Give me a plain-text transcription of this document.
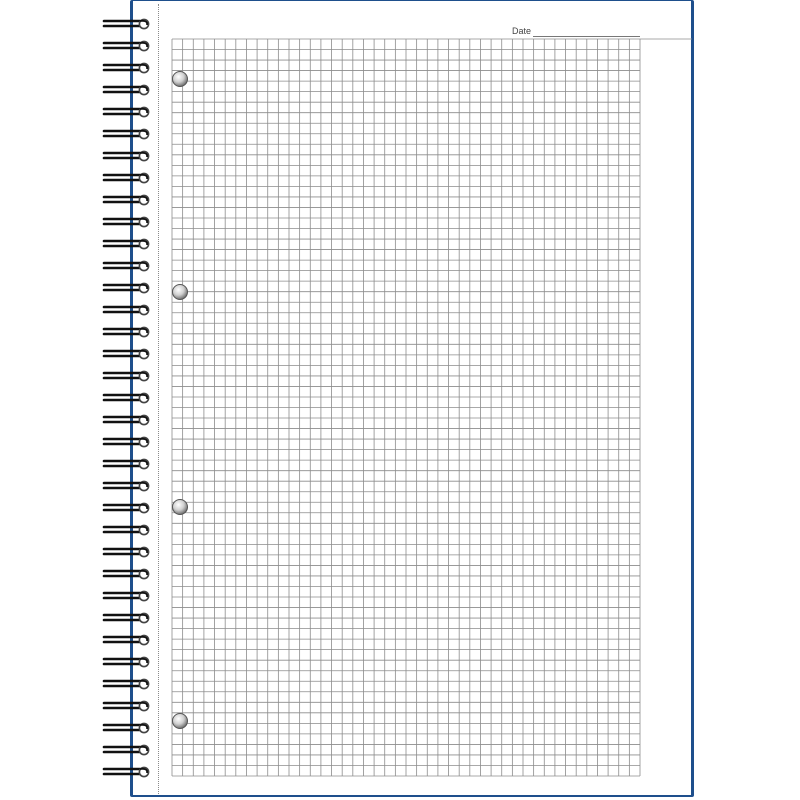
Date
